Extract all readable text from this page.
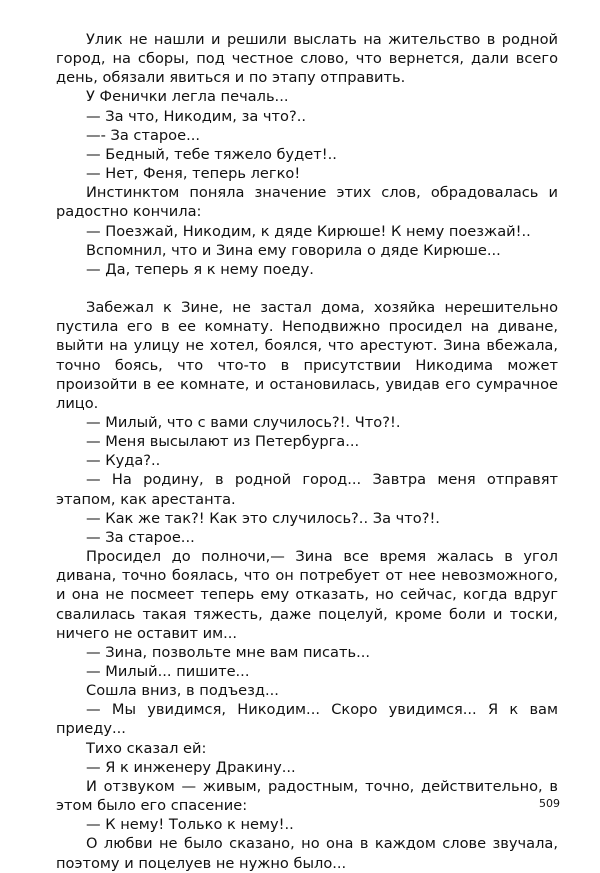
Улик не нашли и решили выслать на жительство в родной город, на сборы, под честное слово, что вернется, дали всего день, обязали явиться и по этапу отправить.

У Фенички легла печаль...

— За что, Никодим, за что?..

—- За старое...

— Бедный, тебе тяжело будет!..

— Нет, Феня, теперь легко!

Инстинктом поняла значение этих слов, обрадовалась и радостно кончила:

— Поезжай, Никодим, к дяде Кирюше! К нему поезжай!..

Вспомнил, что и Зина ему говорила о дяде Кирюше...

— Да, теперь я к нему поеду.

Забежал к Зине, не застал дома, хозяйка нерешительно пустила его в ее комнату. Неподвижно просидел на диване, выйти на улицу не хотел, боялся, что арестуют. Зина вбежала, точно боясь, что что-то в присутствии Никодима может произойти в ее комнате, и остановилась, увидав его сумрачное лицо.

— Милый, что с вами случилось?!. Что?!.

— Меня высылают из Петербурга...

— Куда?..

— На родину, в родной город... Завтра меня отправят этапом, как арестанта.

— Как же так?! Как это случилось?.. За что?!.

— За старое...

Просидел до полночи,— Зина все время жалась в угол дивана, точно боялась, что он потребует от нее невозможного, и она не посмеет теперь ему отказать, но сейчас, когда вдруг свалилась такая тяжесть, даже поцелуй, кроме боли и тоски, ничего не оставит им...

— Зина, позвольте мне вам писать...

— Милый... пишите...

Сошла вниз, в подъезд...

— Мы увидимся, Никодим... Скоро увидимся... Я к вам приеду...

Тихо сказал ей:

— Я к инженеру Дракину...

И отзвуком — живым, радостным, точно, действительно, в этом было его спасение:

— К нему! Только к нему!..

О любви не было сказано, но она в каждом слове звучала, поэтому и поцелуев не нужно было...

509
